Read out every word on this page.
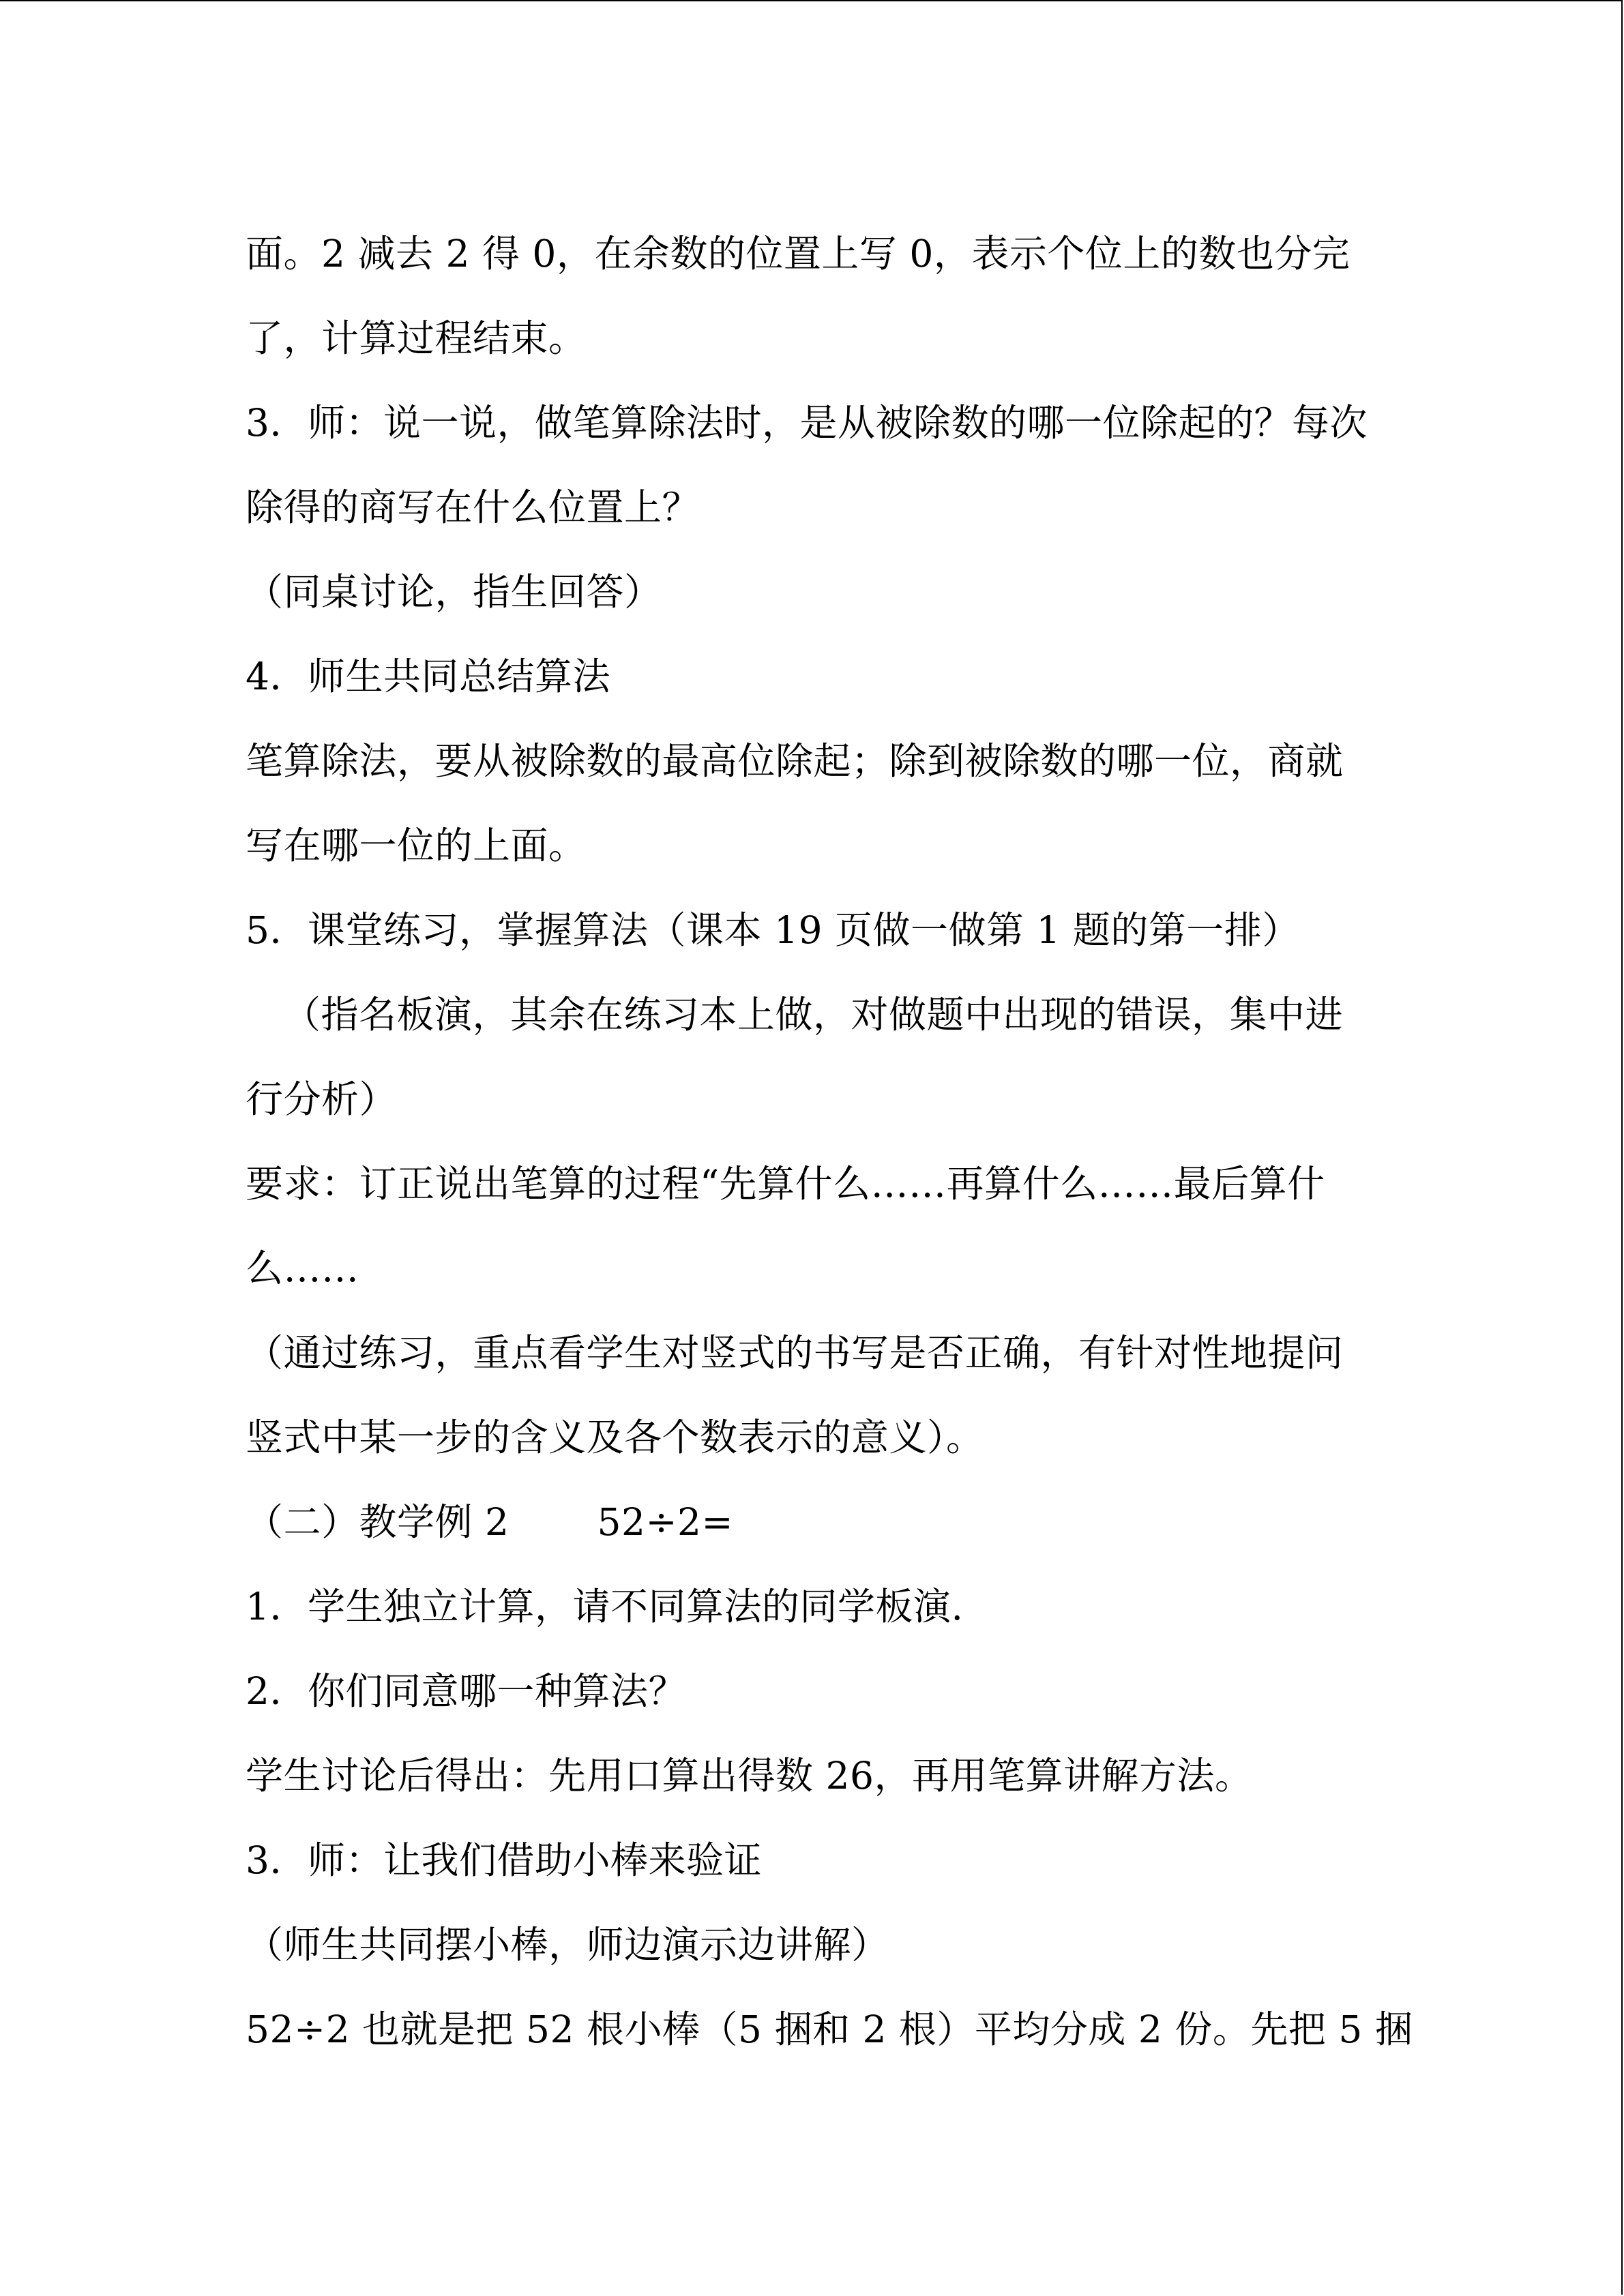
面。2 减去 2 得 0，在余数的位置上写 0，表示个位上的数也分完
了，计算过程结束。
3．师：说一说，做笔算除法时，是从被除数的哪一位除起的？每次
除得的商写在什么位置上？
（同桌讨论，指生回答）
4．师生共同总结算法
笔算除法，要从被除数的最高位除起；除到被除数的哪一位，商就
写在哪一位的上面。
5．课堂练习，掌握算法（课本 19 页做一做第 1 题的第一排）
（指名板演，其余在练习本上做，对做题中出现的错误，集中进
行分析）
要求：订正说出笔算的过程“先算什么……再算什么……最后算什
么……
（通过练习，重点看学生对竖式的书写是否正确，有针对性地提问
竖式中某一步的含义及各个数表示的意义）。
（二）教学例 2　　 52÷2=
1．学生独立计算，请不同算法的同学板演.
2．你们同意哪一种算法？
学生讨论后得出：先用口算出得数 26，再用笔算讲解方法。
3．师：让我们借助小棒来验证
（师生共同摆小棒，师边演示边讲解）
52÷2 也就是把 52 根小棒（5 捆和 2 根）平均分成 2 份。先把 5 捆
